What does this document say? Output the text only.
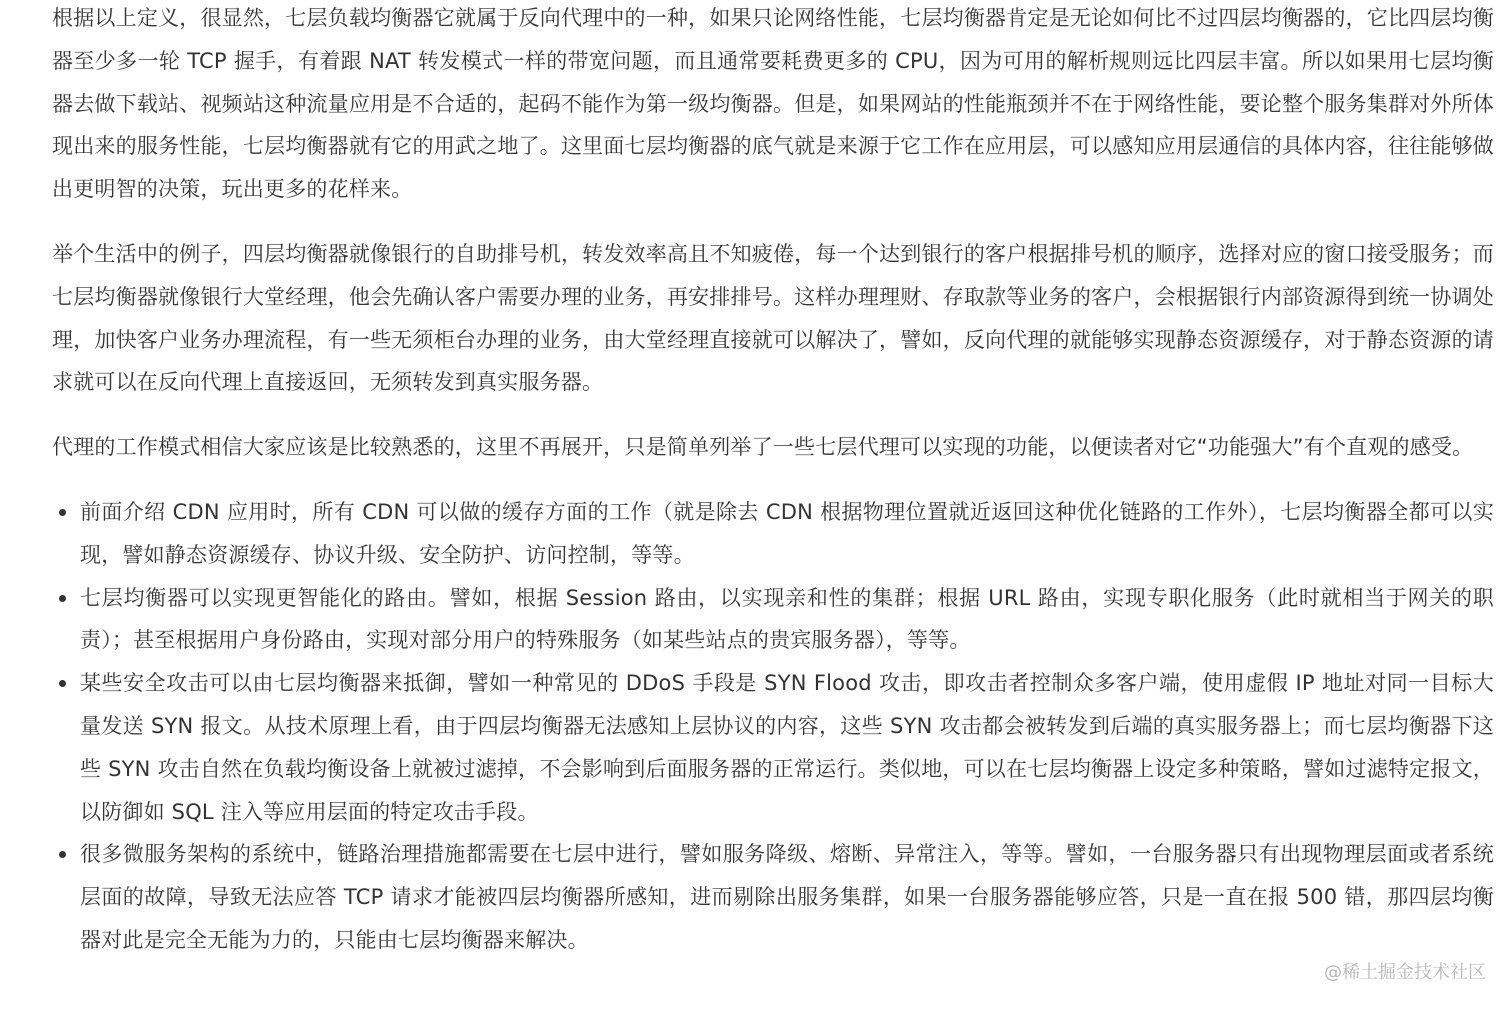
根据以上定义，很显然，七层负载均衡器它就属于反向代理中的一种，如果只论网络性能，七层均衡器肯定是无论如何比不过四层均衡器的，它比四层均衡器至少多一轮 TCP 握手，有着跟 NAT 转发模式一样的带宽问题，而且通常要耗费更多的 CPU，因为可用的解析规则远比四层丰富。所以如果用七层均衡器去做下载站、视频站这种流量应用是不合适的，起码不能作为第一级均衡器。但是，如果网站的性能瓶颈并不在于网络性能，要论整个服务集群对外所体现出来的服务性能，七层均衡器就有它的用武之地了。这里面七层均衡器的底气就是来源于它工作在应用层，可以感知应用层通信的具体内容，往往能够做出更明智的决策，玩出更多的花样来。

举个生活中的例子，四层均衡器就像银行的自助排号机，转发效率高且不知疲倦，每一个达到银行的客户根据排号机的顺序，选择对应的窗口接受服务；而七层均衡器就像银行大堂经理，他会先确认客户需要办理的业务，再安排排号。这样办理理财、存取款等业务的客户，会根据银行内部资源得到统一协调处理，加快客户业务办理流程，有一些无须柜台办理的业务，由大堂经理直接就可以解决了，譬如，反向代理的就能够实现静态资源缓存，对于静态资源的请求就可以在反向代理上直接返回，无须转发到真实服务器。

代理的工作模式相信大家应该是比较熟悉的，这里不再展开，只是简单列举了一些七层代理可以实现的功能，以便读者对它“功能强大”有个直观的感受。

前面介绍 CDN 应用时，所有 CDN 可以做的缓存方面的工作（就是除去 CDN 根据物理位置就近返回这种优化链路的工作外），七层均衡器全都可以实现，譬如静态资源缓存、协议升级、安全防护、访问控制，等等。
七层均衡器可以实现更智能化的路由。譬如，根据 Session 路由，以实现亲和性的集群；根据 URL 路由，实现专职化服务（此时就相当于网关的职责）；甚至根据用户身份路由，实现对部分用户的特殊服务（如某些站点的贵宾服务器），等等。
某些安全攻击可以由七层均衡器来抵御，譬如一种常见的 DDoS 手段是 SYN Flood 攻击，即攻击者控制众多客户端，使用虚假 IP 地址对同一目标大量发送 SYN 报文。从技术原理上看，由于四层均衡器无法感知上层协议的内容，这些 SYN 攻击都会被转发到后端的真实服务器上；而七层均衡器下这些 SYN 攻击自然在负载均衡设备上就被过滤掉，不会影响到后面服务器的正常运行。类似地，可以在七层均衡器上设定多种策略，譬如过滤特定报文，以防御如 SQL 注入等应用层面的特定攻击手段。
很多微服务架构的系统中，链路治理措施都需要在七层中进行，譬如服务降级、熔断、异常注入，等等。譬如，一台服务器只有出现物理层面或者系统层面的故障，导致无法应答 TCP 请求才能被四层均衡器所感知，进而剔除出服务集群，如果一台服务器能够应答，只是一直在报 500 错，那四层均衡器对此是完全无能为力的，只能由七层均衡器来解决。
@稀土掘金技术社区
